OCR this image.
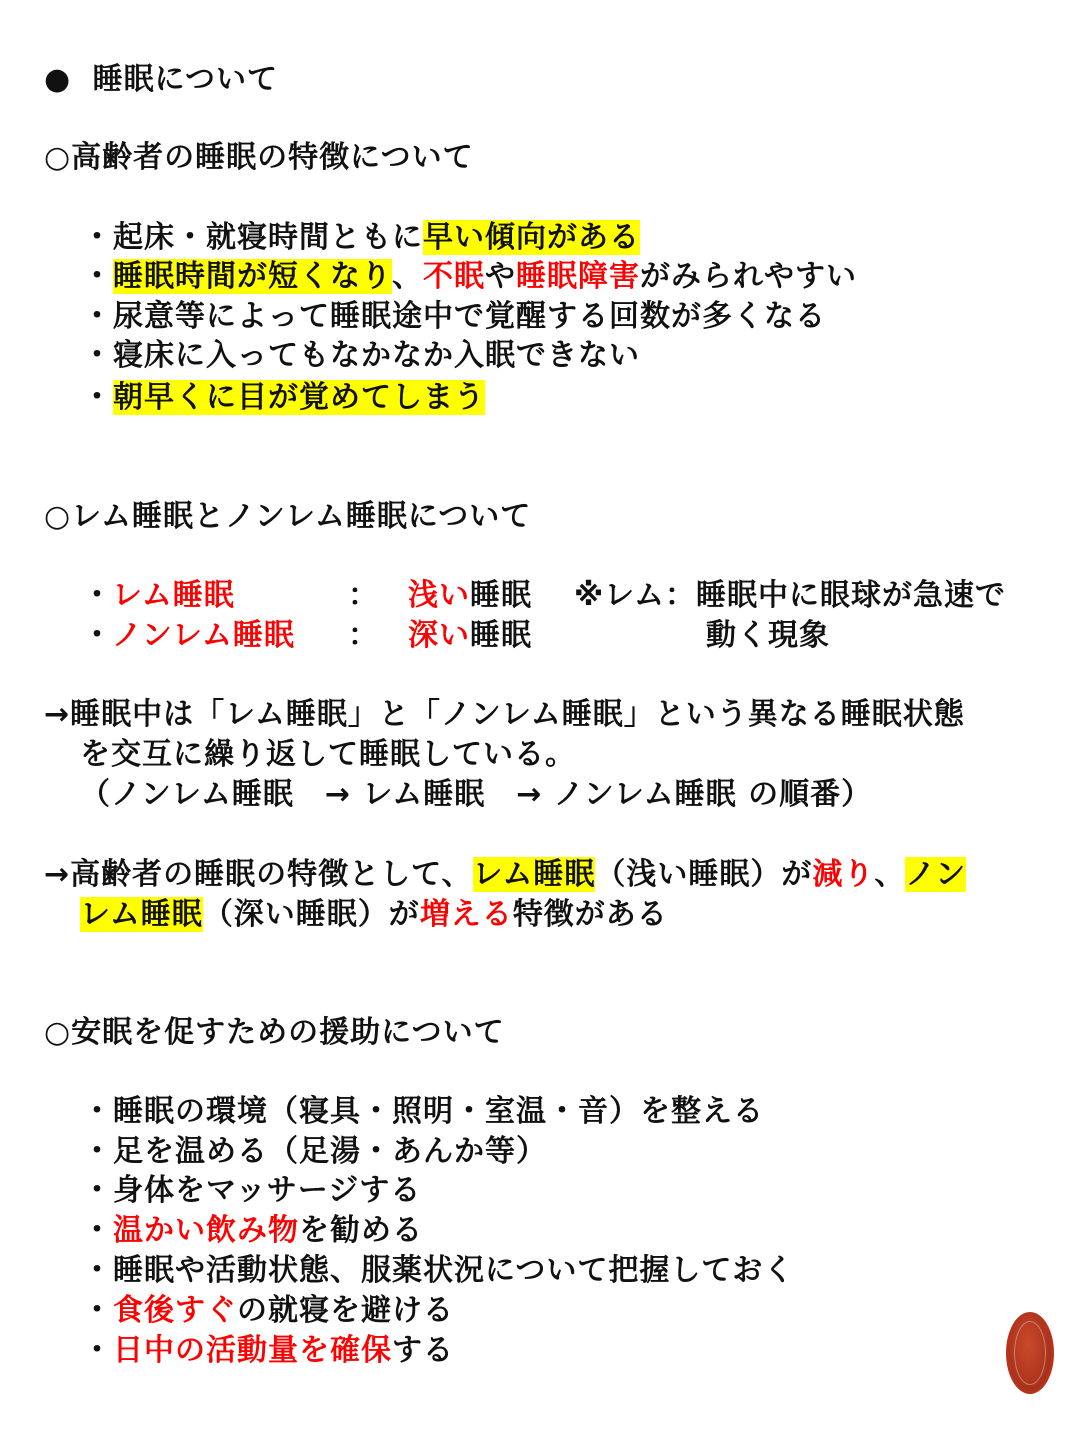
● 睡眠について
○高齢者の睡眠の特徴について
・起床・就寝時間ともに早い傾向がある
・睡眠時間が短くなり、不眠や睡眠障害がみられやすい
・尿意等によって睡眠途中で覚醒する回数が多くなる
・寝床に入ってもなかなか入眠できない
・朝早くに目が覚めてしまう
○レム睡眠とノンレム睡眠について
・ レム睡眠	： 浅い睡眠 ※レム：睡眠中に眼球が急速で
・ ノンレム睡眠 ： 深い睡眠	動く現象
→睡眠中は「レム睡眠」と「ノンレム睡眠」という異なる睡眠状態
を交互に繰り返して睡眠している。
（ノンレム睡眠　→ レム睡眠　→ ノンレム睡眠 の順番）
→高齢者の睡眠の特徴として、レム睡眠（浅い睡眠）が減り、ノン
レム睡眠（深い睡眠）が増える特徴がある
○安眠を促すための援助について
・睡眠の環境（寝具・照明・室温・音）を整える
・足を温める（足湯・あんか等）
・身体をマッサージする
・温かい飲み物を勧める
・睡眠や活動状態、服薬状況について把握しておく
・食後すぐの就寝を避ける
・日中の活動量を確保する
